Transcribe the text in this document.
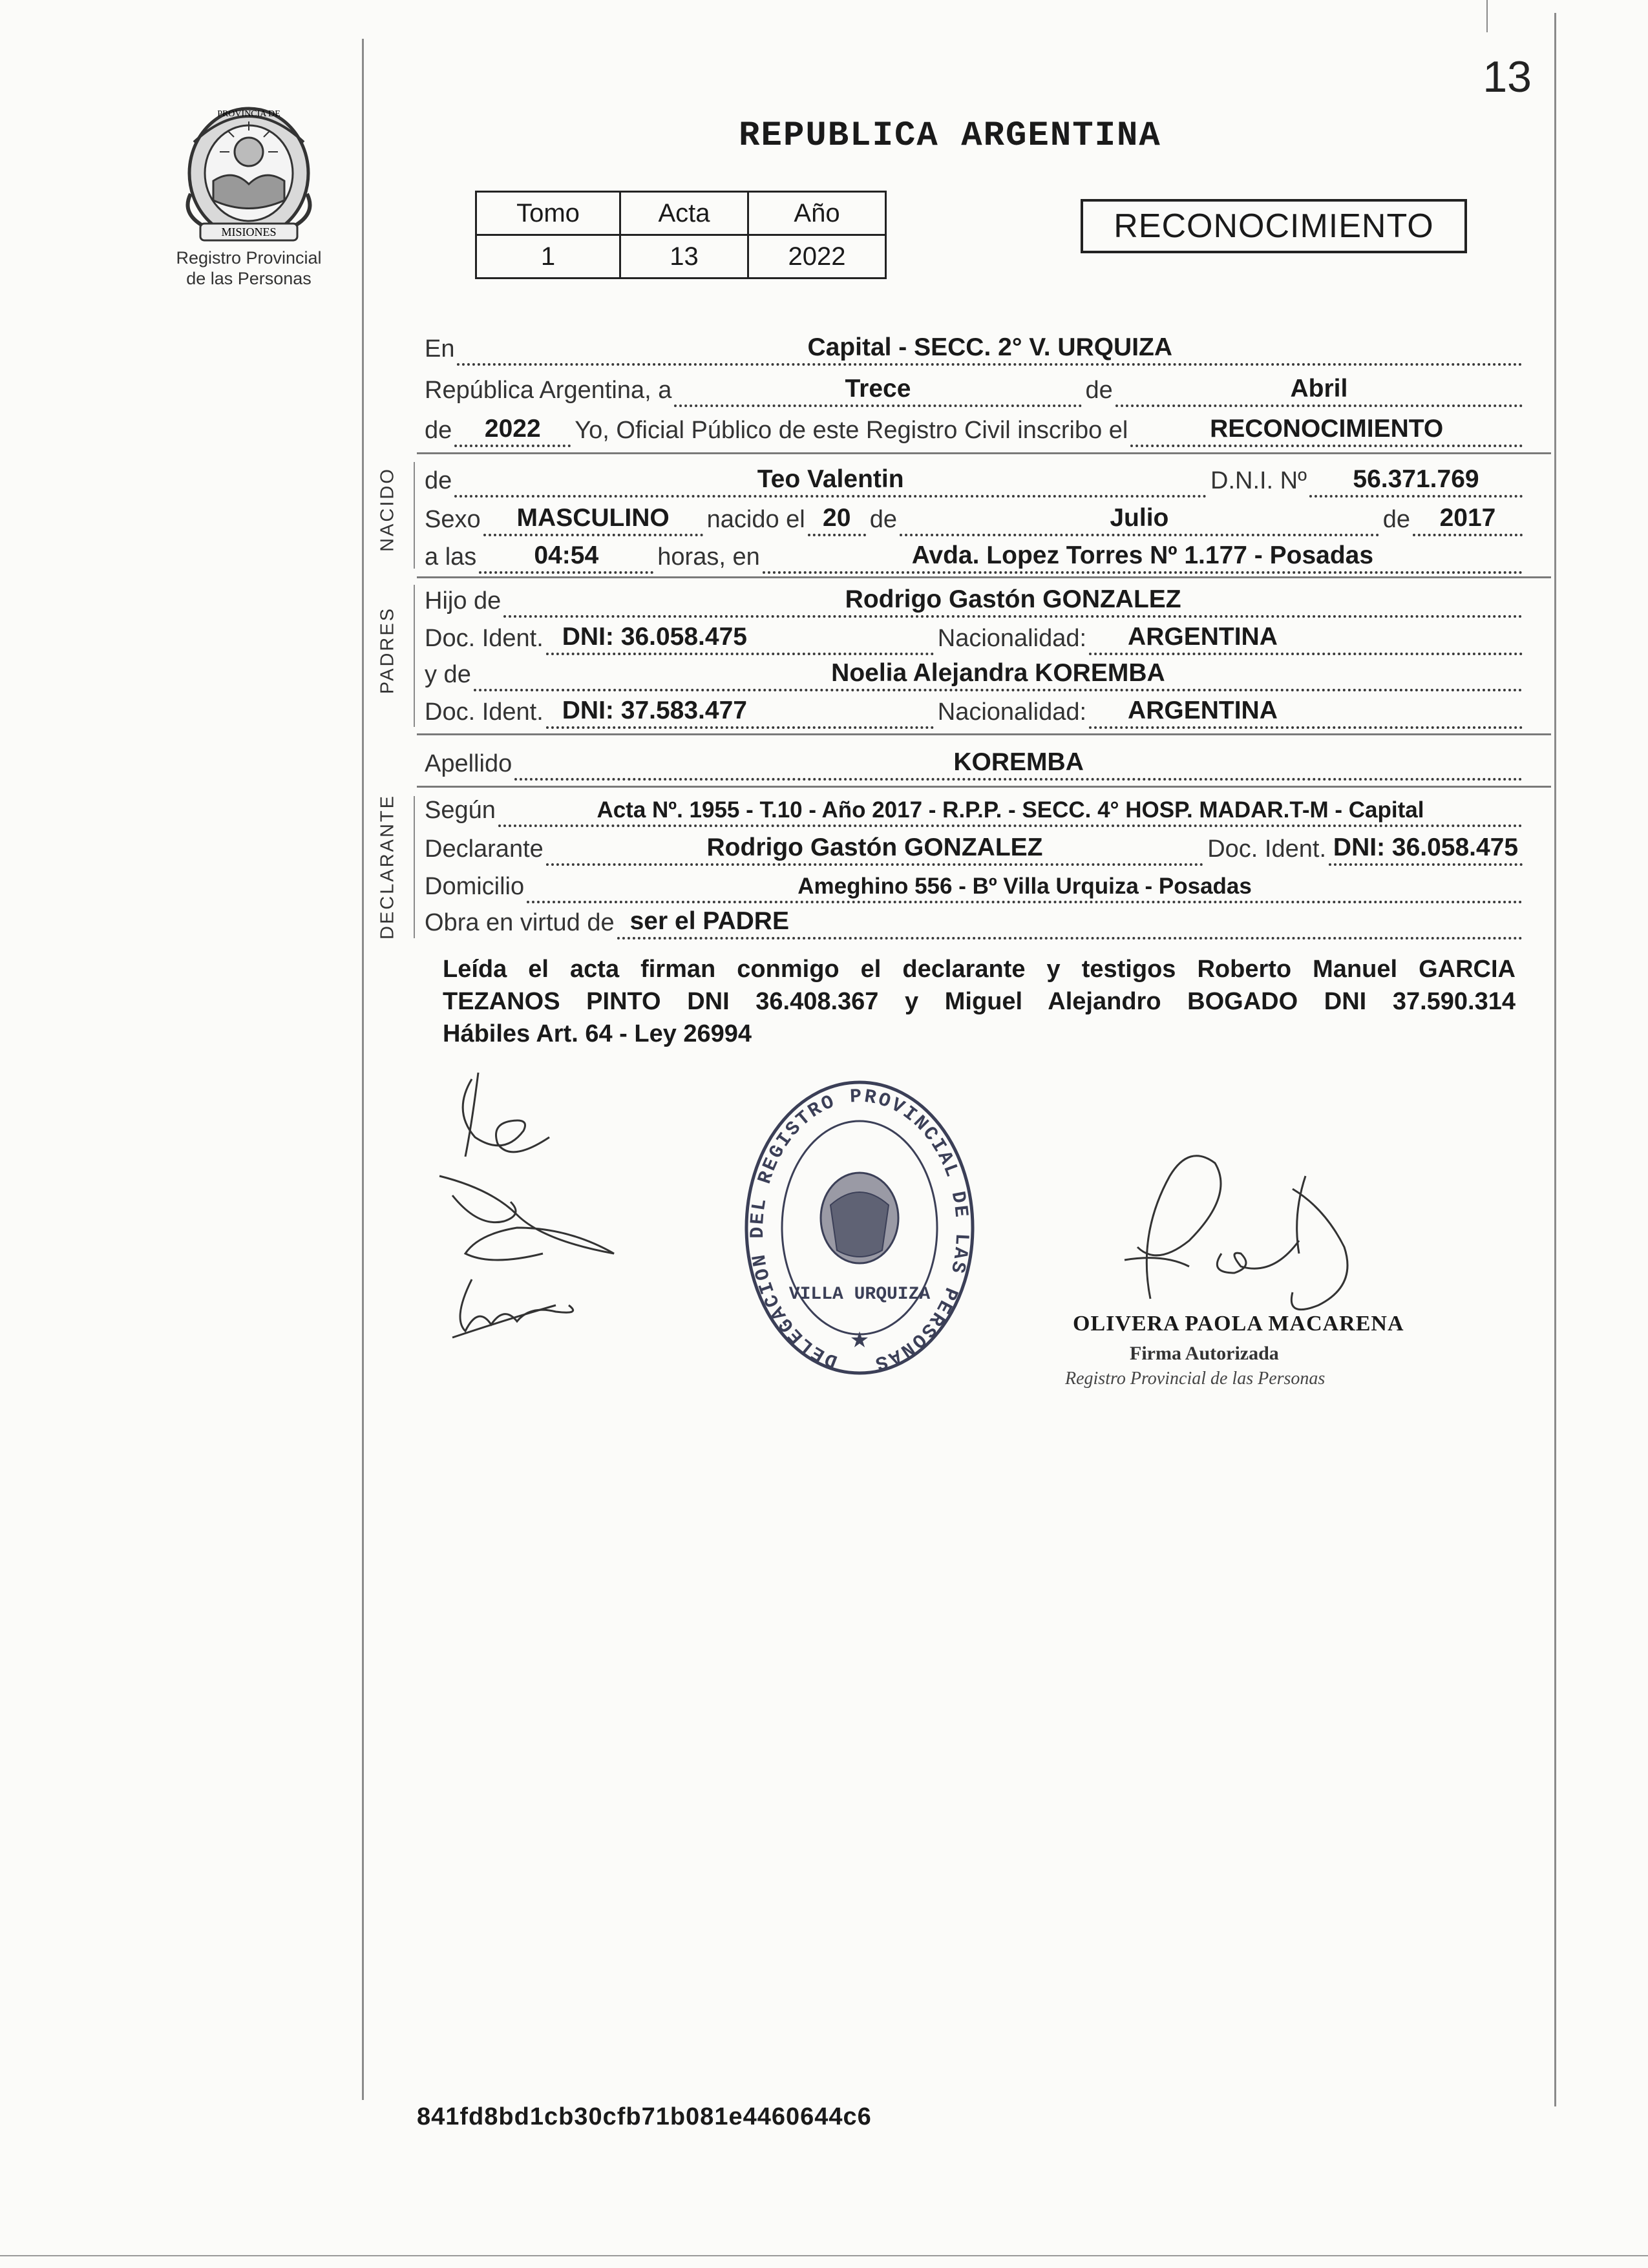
MISIONES
PROVINCIA DE
Registro Provincial
de las Personas
13
REPUBLICA ARGENTINA
Tomo	Acta	Año
1	13	2022
RECONOCIMIENTO
En	Capital - SECC. 2° V. URQUIZA
República Argentina, a	Trece	de	Abril
de	2022	Yo, Oficial Público de este Registro Civil inscribo el	RECONOCIMIENTO
NACIDO de	Teo Valentin	D.N.I. Nº	56.371.769
Sexo	MASCULINO	nacido el 20 de	Julio	de	2017
a las	04:54	horas, en	Avda. Lopez Torres Nº 1.177 - Posadas
PADRES
Hijo de	Rodrigo Gastón GONZALEZ
Doc. Ident. DNI: 36.058.475	Nacionalidad:	ARGENTINA
y de	Noelia Alejandra KOREMBA
Doc. Ident. DNI: 37.583.477	Nacionalidad:	ARGENTINA
Apellido	KOREMBA
DECLARANTE Según	Acta Nº. 1955 - T.10 - Año 2017 - R.P.P. - SECC. 4° HOSP. MADAR.T-M - Capital
Declarante	Rodrigo Gastón GONZALEZ	Doc. Ident. DNI: 36.058.475
Domicilio	Ameghino 556 - Bº Villa Urquiza - Posadas
Obra en virtud de ser el PADRE
Leída el acta firman conmigo el declarante y testigos Roberto Manuel GARCIA
TEZANOS PINTO DNI 36.408.367 y Miguel Alejandro BOGADO DNI 37.590.314
Hábiles Art. 64 - Ley 26994
DELEGACION DEL REGISTRO PROVINCIAL DE LAS PERSONAS
VILLA URQUIZA
★
OLIVERA PAOLA MACARENA
Firma Autorizada
Registro Provincial de las Personas
841fd8bd1cb30cfb71b081e4460644c6
